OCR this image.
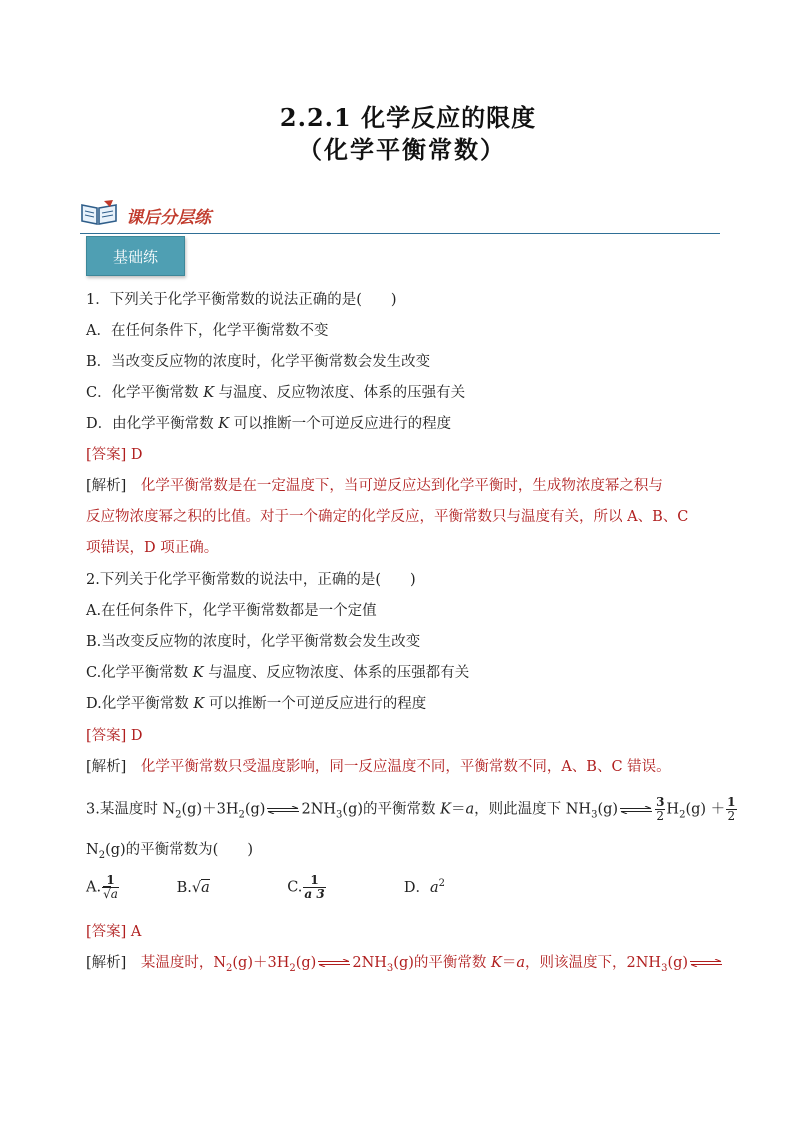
2.2.1 化学反应的限度
（化学平衡常数）
课后分层练
基础练
1．下列关于化学平衡常数的说法正确的是(　　)
A．在任何条件下，化学平衡常数不变
B．当改变反应物的浓度时，化学平衡常数会发生改变
C．化学平衡常数 K 与温度、反应物浓度、体系的压强有关
D．由化学平衡常数 K 可以推断一个可逆反应进行的程度
[答案] D
[解析]　化学平衡常数是在一定温度下，当可逆反应达到化学平衡时，生成物浓度幂之积与
反应物浓度幂之积的比值。对于一个确定的化学反应，平衡常数只与温度有关，所以 A、B、C
项错误，D 项正确。
2.下列关于化学平衡常数的说法中，正确的是(　　)
A.在任何条件下，化学平衡常数都是一个定值
B.当改变反应物的浓度时，化学平衡常数会发生改变
C.化学平衡常数 K 与温度、反应物浓度、体系的压强都有关
D.化学平衡常数 K 可以推断一个可逆反应进行的程度
[答案] D
[解析]　化学平衡常数只受温度影响，同一反应温度不同，平衡常数不同，A、B、C 错误。
3.某温度时 $N_2(g)+3H_2(g)\rightleftharpoons 2NH_3(g)$的平衡常数 K＝a，则此温度下 $NH_3(g)\rightleftharpoons \frac{3}{2} H_2(g) + \frac{1}{2}$
$N_2(g)$的平衡常数为(　　)
A. $\frac{1}{√a}$	B.√a	C. $\frac{1}{a 3}$	D．$a^2$
[答案] A
[解析]　某温度时，$N_2(g)+3H_2(g)\rightleftharpoons 2NH_3(g)$的平衡常数 K＝a，则该温度下，$2NH_3(g)\rightleftharpoons$
